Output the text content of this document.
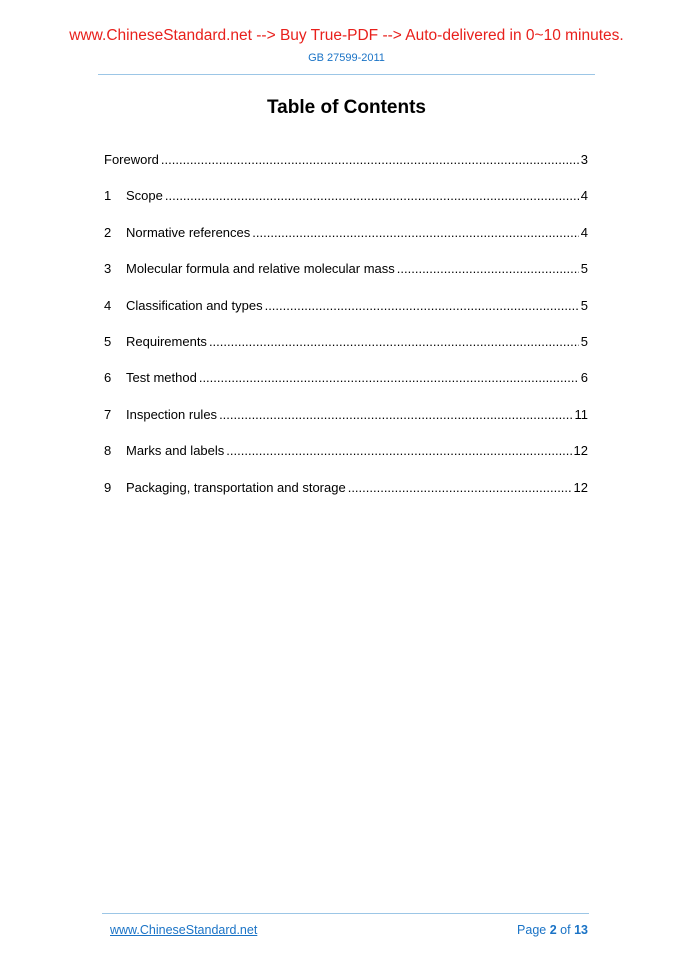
www.ChineseStandard.net --> Buy True-PDF --> Auto-delivered in 0~10 minutes.
GB 27599-2011
Table of Contents
Foreword .....	3
1	Scope .....	4
2	Normative references .....	4
3	Molecular formula and relative molecular mass .....	5
4	Classification and types .....	5
5	Requirements .....	5
6	Test method .....	6
7	Inspection rules .....	11
8	Marks and labels .....	12
9	Packaging, transportation and storage .....	12
www.ChineseStandard.net	Page 2 of 13
